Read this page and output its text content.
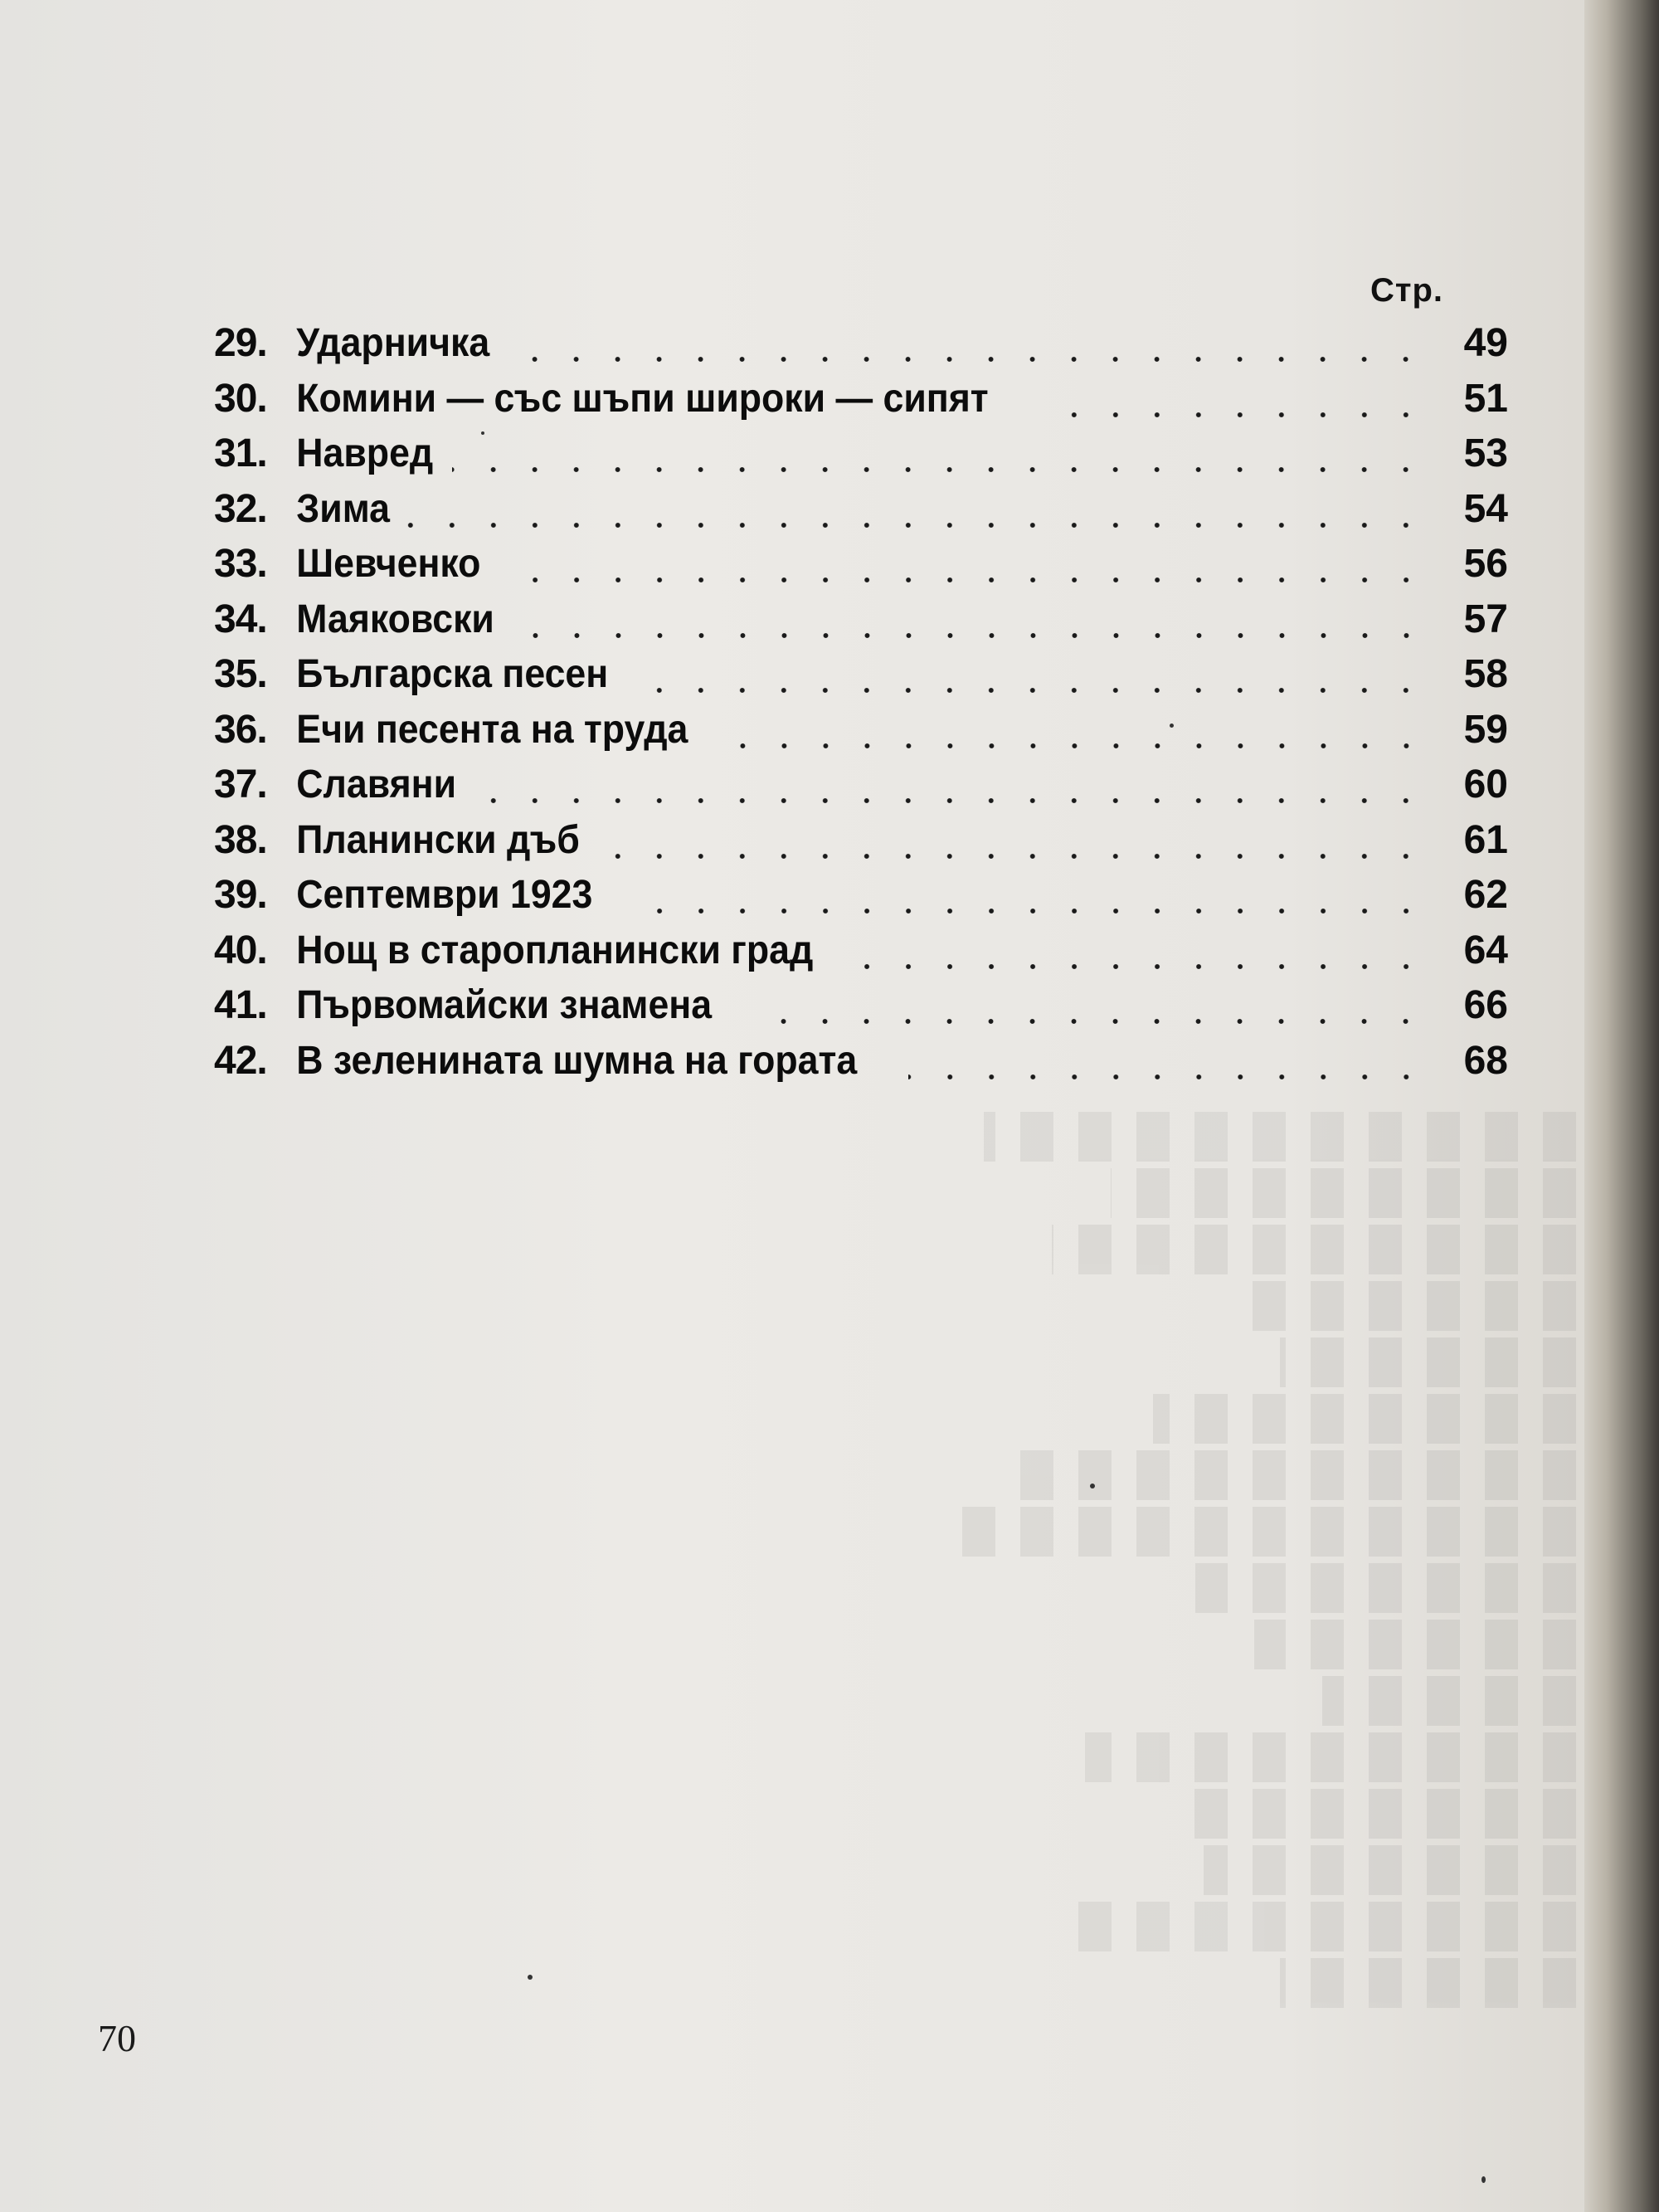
Стр.
29. Ударничка	49
30. Комини — със шъпи широки — сипят	51
31. Навред	53
32. Зима	54
33. Шевченко	56
34. Маяковски	57
35. Българска песен	58
36. Ечи песента на труда	59
37. Славяни	60
38. Планински дъб	61
39. Септември 1923	62
40. Нощ в старопланински град	64
41. Първомайски знамена	66
42. В зеленината шумна на гората	68
70
